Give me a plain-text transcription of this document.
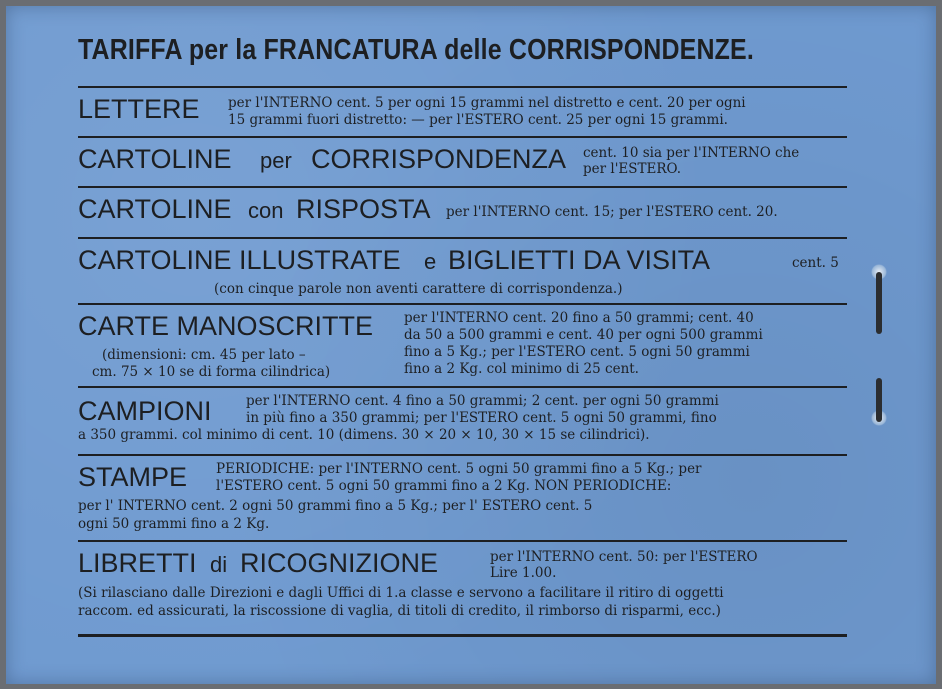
TARIFFA per la FRANCATURA delle CORRISPONDENZE.
LETTERE per l'INTERNO cent. 5 per ogni 15 grammi nel distretto e cent. 20 per ogni
15 grammi fuori distretto: — per l'ESTERO cent. 25 per ogni 15 grammi.
CARTOLINE per CORRISPONDENZA cent. 10 sia per l'INTERNO che
per l'ESTERO.
CARTOLINE con RISPOSTA per l'INTERNO cent. 15; per l'ESTERO cent. 20.
CARTOLINE ILLUSTRATE e BIGLIETTI DA VISITA	cent. 5
(con cinque parole non aventi carattere di corrispondenza.)
CARTE MANOSCRITTE
(dimensioni: cm. 45 per lato –
cm. 75 × 10 se di forma cilindrica)
per l'INTERNO cent. 20 fino a 50 grammi; cent. 40
da 50 a 500 grammi e cent. 40 per ogni 500 grammi
fino a 5 Kg.; per l'ESTERO cent. 5 ogni 50 grammi
fino a 2 Kg. col minimo di 25 cent.
CAMPIONI	per l'INTERNO cent. 4 fino a 50 grammi; 2 cent. per ogni 50 grammi
in più fino a 350 grammi; per l'ESTERO cent. 5 ogni 50 grammi, fino
a 350 grammi. col minimo di cent. 10 (dimens. 30 × 20 × 10, 30 × 15 se cilindrici).
STAMPE PERIODICHE: per l'INTERNO cent. 5 ogni 50 grammi fino a 5 Kg.; per
l'ESTERO cent. 5 ogni 50 grammi fino a 2 Kg. NON PERIODICHE:
per l' INTERNO cent. 2 ogni 50 grammi fino a 5 Kg.; per l' ESTERO cent. 5
ogni 50 grammi fino a 2 Kg.
LIBRETTI di RICOGNIZIONE	per l'INTERNO cent. 50: per l'ESTERO
Lire 1.00.
(Si rilasciano dalle Direzioni e dagli Uffici di 1.a classe e servono a facilitare il ritiro di oggetti
raccom. ed assicurati, la riscossione di vaglia, di titoli di credito, il rimborso di risparmi, ecc.)
